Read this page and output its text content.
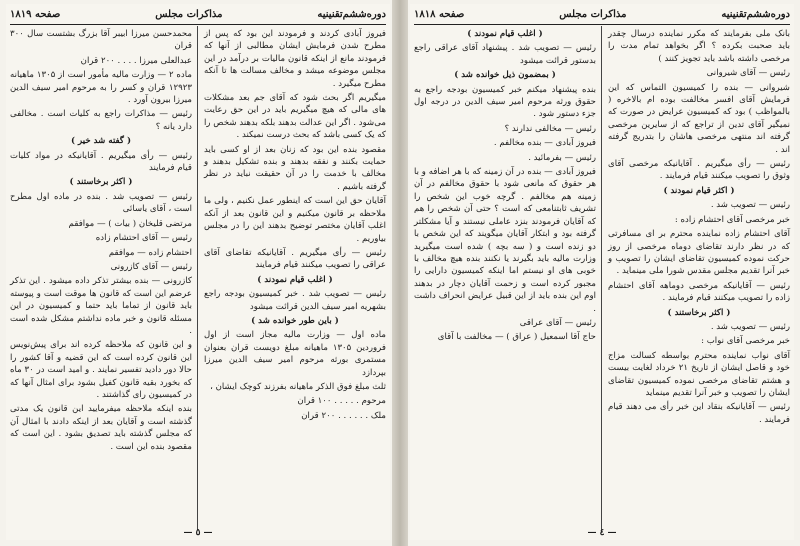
دوره‌ششم‌تقنینیه
مذاکرات مجلس
صفحه ۱۸۱۹

فیروز آبادی کردند و فرمودند این بود که پس از مطرح شدن فرمایش ایشان مطالبی از آنها که فرمودند مانع از اینکه قانون مالیات بر درآمد در این مجلس موضوعه میشد و مخالف مسالت ها تا آنکه مطرح میگیرد .

میگیریم اگر بحث شود که آقای جم بعد مشکلات های مالی که هیچ میگیریم باید در این حق رعایت می‌شود . اگر این عدالت بدهند بلکه بدهند شخص را که یک کسی باشد که بحث درست نمیکند .

مقصود بنده این بود که زنان بعد از او کسی باید حمایت بکنند و نفقه بدهند و بنده تشکیل بدهند و مخالف با خدمت را در آن حقیقت نباید در نظر گرفته باشیم .

آقایان حق این است که اینطور عمل نکنیم ، ولی ما ملاحظه بر قانون میکنیم و این قانون بعد از آنکه اغلب آقایان مختصر توضیح بدهند این را در مجلس بیاوریم .

رئیس — رأی میگیریم . آقایانیکه تقاضای آقای عراقی را تصویب میکنند قیام فرمایند

( اغلب قیام نمودند )

رئیس — تصویب شد . خبر کمیسیون بودجه راجع بشهریه امیر سیف الدین قرائت میشود

( باین طور خوانده شد )

ماده اول — وزارت مالیه مجاز است از اول فروردین ۱۳۰۵ ماهیانه مبلغ دویست قران بعنوان مستمری بورثه مرحوم امیر سیف الدین میرزا بپردازد

ثلث مبلغ فوق الذکر ماهیانه بفرزند کوچک ایشان ،

مرحوم . . . . . ۱۰۰ قران

ملک . . . . . . ۲۰۰ قران

محمدحسن میرزا ابیبر آقا بزرگ بشتست سال ۳۰۰ قران

عبدالعلی میرزا . . . . ۲۰۰ قران

ماده ۲ — وزارت مالیه مأمور است از ۱۳۰۵ ماهیانه ۱۲۹۲۳ قران و کسر را به مرحوم امیر سیف الدین میرزا بیرون آورد .

رئیس — مذاکرات راجع به کلیات است . مخالفی دارد یانه ؟

( گفته شد خیر )

رئیس — رأی میگیریم . آقایانیکه در مواد کلیات قیام فرمایند

( اکثر برخاستند )

رئیس — تصویب شد . بنده در ماده اول مطرح است ، آقای یاسائی

مرتضی قلیخان ( بیات ) — موافقم

رئیس — آقای احتشام زاده

احتشام زاده — موافقم

رئیس — آقای کازرونی

کازرونی — بنده بیشتر تذکر داده میشود . این تذکر عرضم این است که قانون ها موقت است و پیوسته باید قانون از تماما باید حتما و کمیسیون در این مسئله قانون و خبر ماده نداشتم مشکل شده است .

و این قانون که ملاحظه کرده اند برای پیش‌نویس این قانون کرده است که این قضیه و آقا کشور را حالا دور دادید تفسیر نمایند . و امید است در ۳۰ ماه که بخورد بقیه قانون کفیل بشود برای امثال آنها که در کمیسیون رای گذاشتند .

بنده اینکه ملاحظه میفرمایید این قانون یک مدتی گذشته است و آقایان بعد از اینکه دادند با امثال آن که مجلس گذشته باید تصدیق بشود . این است که مقصود بنده این است .

— ٥ —
دوره‌ششم‌تقنینیه
مذاکرات مجلس
صفحه ۱۸۱۸

بانک ملی بفرمایند که مکرر نماینده درسال چقدر باید صحبت بکرده ؟ اگر بخواهد تمام مدت را مرخصی داشته باشد باید تجویز کنند )

رئیس — آقای شیروانی

شیروانی — بنده را کمیسیون التماس که این فرمایش آقای افسر مخالفت بوده ام بالاخره ( بالمواظب ) بود که کمیسیون عرایض در صورت که نمیگیر آقای تدین از تراجع که از سایرین مرخصی گرفته اند منتهی مرخصی هاشان را بتدریج گرفته اند .

رئیس — رأی میگیریم . آقایانیکه مرخصی آقای وثوق را تصویب میکنند قیام فرمایند .

( اکثر قیام نمودند )

رئیس — تصویب شد .

خبر مرخصی آقای احتشام زاده :

آقای احتشام زاده نماینده محترم بر ای مسافرتی که در نظر دارند تقاضای دوماه مرخصی از روز حرکت نموده کمیسیون تقاضای ایشان را تصویب و خبر آنرا تقدیم مجلس مقدس شورا ملی مینماید .

رئیس — آقایانیکه مرخصی دوماهه آقای احتشام زاده را تصویب میکنند قیام فرمایند .

( اکثر برخاستند )

رئیس — تصویب شد .

خبر مرخصی آقای نواب :

آقای نواب نماینده محترم بواسطه کسالت مزاج خود و قاصل ایشان از تاریخ ۲۱ خرداد لغایت بیست و هشتم تقاضای مرخصی نموده کمیسیون تقاضای ایشان را تصویب و خبر آنرا تقدیم مینماید

رئیس — آقایانیکه بنقاد این خبر رأی می دهند قیام فرمایند .

( اغلب قیام نمودند )

رئیس — تصویب شد . پیشنهاد آقای عراقی راجع بدستور قرائت میشود

( بمضمون ذیل خوانده شد )

بنده پیشنهاد میکنم خبر کمیسیون بودجه راجع به حقوق ورثه مرحوم امیر سیف الدین در درجه اول جزء دستور شود .

رئیس — مخالفی ندارند ؟

فیروز آبادی — بنده مخالفم .

رئیس — بفرمائید .

فیروز آبادی — بنده در آن زمینه که با هر اضافه و با هر حقوق که مانعی شود با حقوق مخالفم در آن زمینه هم مخالفم . گرچه خوب این شخص را تشریف ثابتنامعی که است ؟ حتی آن شخص را هم که آقایان فرمودند بنزد عاملی نیستند و آیا مشکلتر گرفته بود و ابتکار آقایان میگویند که این شخص با دو زنده است و ( سه بچه ) شده است میگیرید وزارت مالیه باید بگیرند یا نکنند بنده هیچ مخالف با خوبی های او نیستم اما اینکه کمیسیون دارایی را مجبور کرده است و زحمت آقایان دچار در بدهند اوم این بنده باید از این قبیل عرایض انحراف داشت .

رئیس — آقای عراقی

حاج آقا اسمعیل ( عراق ) — مخالفت با آقای

— ٤ —
